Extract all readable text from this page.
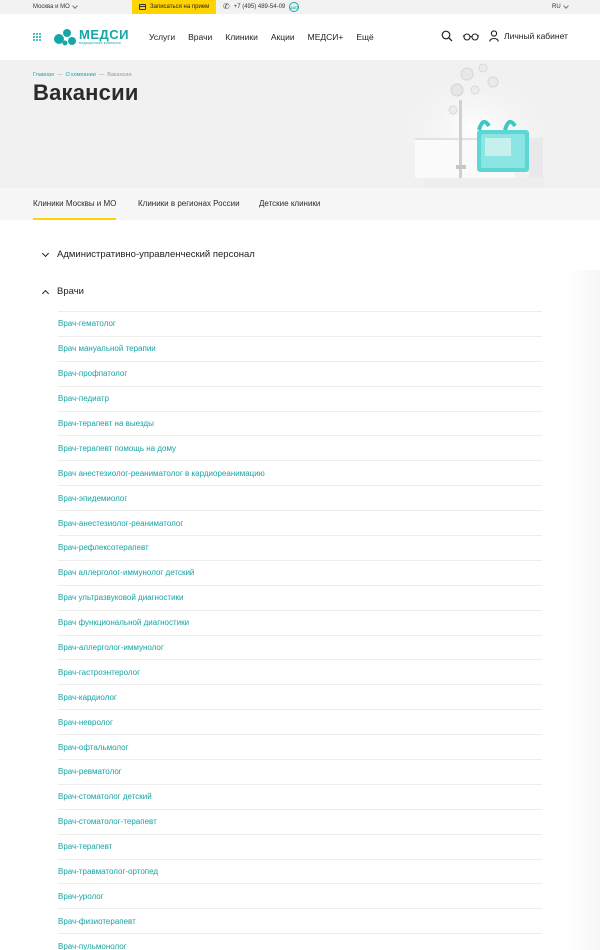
Москва и МО	Записаться на прием ✆ +7 (495) 489-54-09 24/7	RU
МЕДСИ
медицинская компания
Услуги Врачи Клиники Акции МЕДСИ+ Ещё	Личный кабинет
Главная — О компании — Вакансии
Вакансии
Клиники Москвы и МО	Клиники в регионах России Детские клиники
Административно-управленческий персонал
Врачи
Врач-гематолог
Врач мануальной терапии
Врач-профпатолог
Врач-педиатр
Врач-терапевт на выезды
Врач-терапевт помощь на дому
Врач анестезиолог-реаниматолог в кардиореанимацию
Врач-эпидемиолог
Врач-анестезиолог-реаниматолог
Врач-рефлексотерапевт
Врач аллерголог-иммунолог детский
Врач ультразвуковой диагностики
Врач функциональной диагностики
Врач-аллерголог-иммунолог
Врач-гастроэнтеролог
Врач-кардиолог
Врач-невролог
Врач-офтальмолог
Врач-ревматолог
Врач-стоматолог детский
Врач-стоматолог-терапевт
Врач-терапевт
Врач-травматолог-ортопед
Врач-уролог
Врач-физиотерапевт
Врач-пульмонолог
